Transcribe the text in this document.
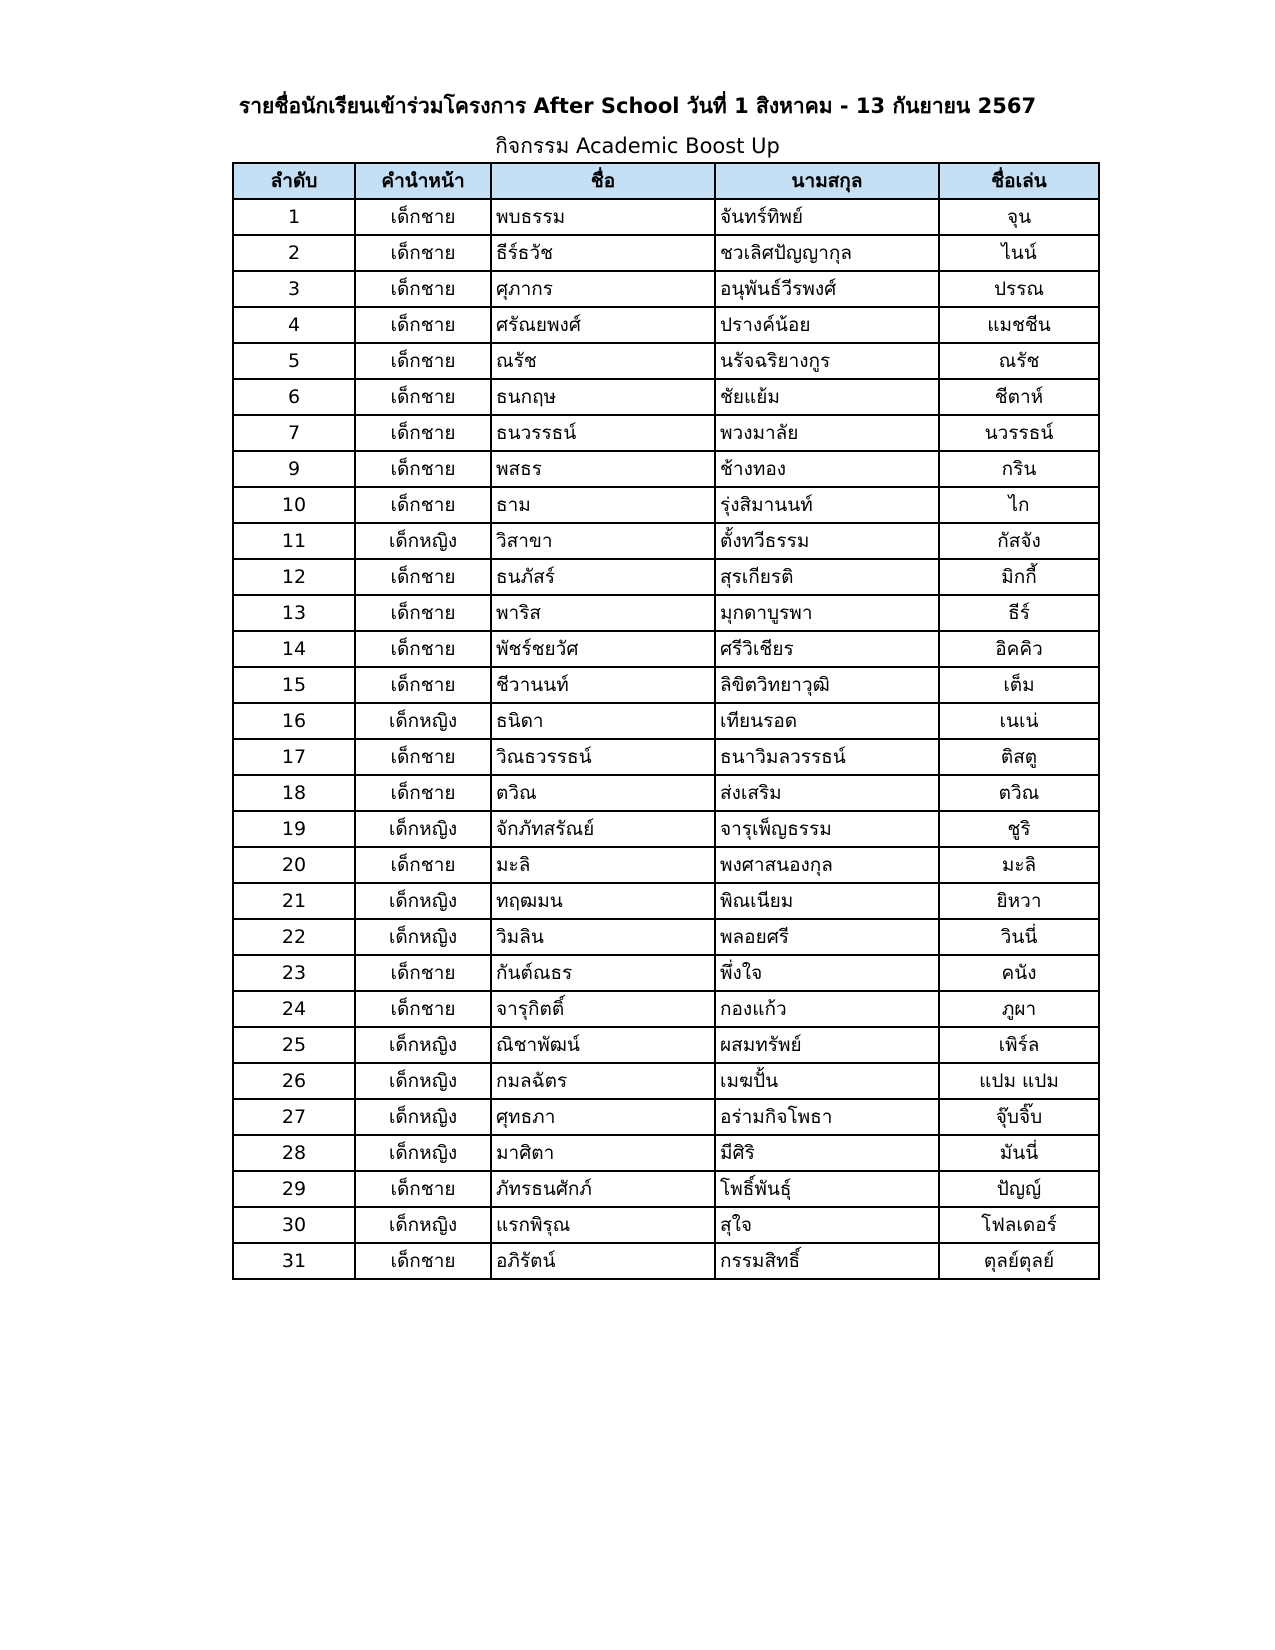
รายชื่อนักเรียนเข้าร่วมโครงการ After School วันที่ 1 สิงหาคม - 13 กันยายน 2567
กิจกรรม Academic Boost Up
ลำดับ	คำนำหน้า	ชื่อ	นามสกุล	ชื่อเล่น
1	เด็กชาย	พบธรรม	จันทร์ทิพย์	จุน
2	เด็กชาย	ธีร์ธวัช	ชวเลิศปัญญากุล	ไนน์
3	เด็กชาย	ศุภากร	อนุพันธ์วีรพงศ์	ปรรณ
4	เด็กชาย	ศรัณยพงศ์	ปรางค์น้อย	แมชชีน
5	เด็กชาย	ณรัช	นรัจฉริยางกูร	ณรัช
6	เด็กชาย	ธนกฤษ	ชัยแย้ม	ชีตาห์
7	เด็กชาย	ธนวรรธน์	พวงมาลัย	นวรรธน์
9	เด็กชาย	พสธร	ช้างทอง	กริน
10	เด็กชาย	ธาม	รุ่งสิมานนท์	ไก
11	เด็กหญิง	วิสาขา	ตั้งทวีธรรม	กัสจัง
12	เด็กชาย	ธนภัสร์	สุรเกียรติ	มิกกี้
13	เด็กชาย	พาริส	มุกดาบูรพา	ธีร์
14	เด็กชาย	พัชร์ชยวัศ	ศรีวิเชียร	อิคคิว
15	เด็กชาย	ชีวานนท์	ลิขิตวิทยาวุฒิ	เต็ม
16	เด็กหญิง	ธนิดา	เทียนรอด	เนเน่
17	เด็กชาย	วิณธวรรธน์	ธนาวิมลวรรธน์	ติสตู
18	เด็กชาย	ตวิณ	ส่งเสริม	ตวิณ
19	เด็กหญิง	จักภัทสรัณย์	จารุเพ็ญธรรม	ชูริ
20	เด็กชาย	มะลิ	พงศาสนองกุล	มะลิ
21	เด็กหญิง	ทฤฒมน	พิณเนียม	ยิหวา
22	เด็กหญิง	วิมลิน	พลอยศรี	วินนี่
23	เด็กชาย	กันต์ณธร	พึ่งใจ	คนัง
24	เด็กชาย	จารุกิตติ์	กองแก้ว	ภูผา
25	เด็กหญิง	ณิชาพัฒน์	ผสมทรัพย์	เพิร์ล
26	เด็กหญิง	กมลฉัตร	เมฆปั้น	แปม แปม
27	เด็กหญิง	ศุทธภา	อร่ามกิจโพธา	จุ๊บจิ๊บ
28	เด็กหญิง	มาศิตา	มีศิริ	มันนี่
29	เด็กชาย	ภัทรธนศักภ์	โพธิ์พันธุ์	ปัญญ์
30	เด็กหญิง	แรกพิรุณ	สุใจ	โฟลเดอร์
31	เด็กชาย	อภิรัตน์	กรรมสิทธิ์	ตุลย์ตุลย์
